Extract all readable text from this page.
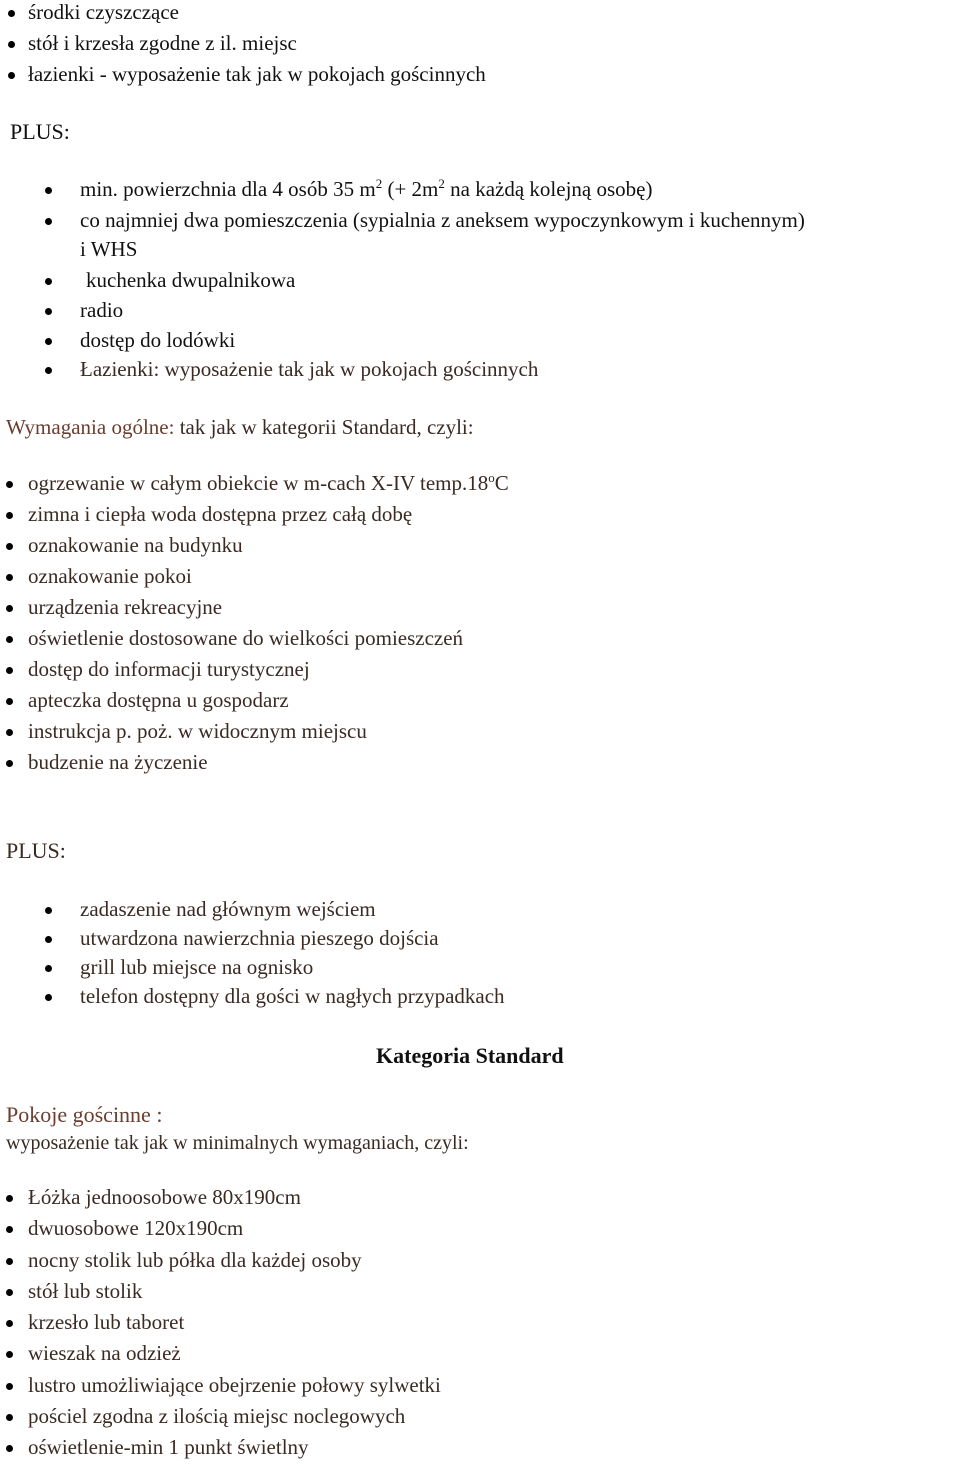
środki czyszczące
stół i krzesła zgodne z il. miejsc
łazienki - wyposażenie tak jak w pokojach gościnnych
PLUS:
min. powierzchnia dla 4 osób 35 $m^2$ (+ $2m^2$ na każdą kolejną osobę)
co najmniej dwa pomieszczenia (sypialnia z aneksem wypoczynkowym i kuchennym)
i WHS
kuchenka dwupalnikowa
radio
dostęp do lodówki
Łazienki: wyposażenie tak jak w pokojach gościnnych
Wymagania ogólne: tak jak w kategorii Standard, czyli:
ogrzewanie w całym obiekcie w m-cach X-IV temp.18$^o$C
zimna i ciepła woda dostępna przez całą dobę
oznakowanie na budynku
oznakowanie pokoi
urządzenia rekreacyjne
oświetlenie dostosowane do wielkości pomieszczeń
dostęp do informacji turystycznej
apteczka dostępna u gospodarz
instrukcja p. poż. w widocznym miejscu
budzenie na życzenie
PLUS:
zadaszenie nad głównym wejściem
utwardzona nawierzchnia pieszego dojścia
grill lub miejsce na ognisko
telefon dostępny dla gości w nagłych przypadkach
Kategoria Standard
Pokoje gościnne :
wyposażenie tak jak w minimalnych wymaganiach, czyli:
Łóżka jednoosobowe 80x190cm
dwuosobowe 120x190cm
nocny stolik lub półka dla każdej osoby
stół lub stolik
krzesło lub taboret
wieszak na odzież
lustro umożliwiające obejrzenie połowy sylwetki
pościel zgodna z ilością miejsc noclegowych
oświetlenie-min 1 punkt świetlny
